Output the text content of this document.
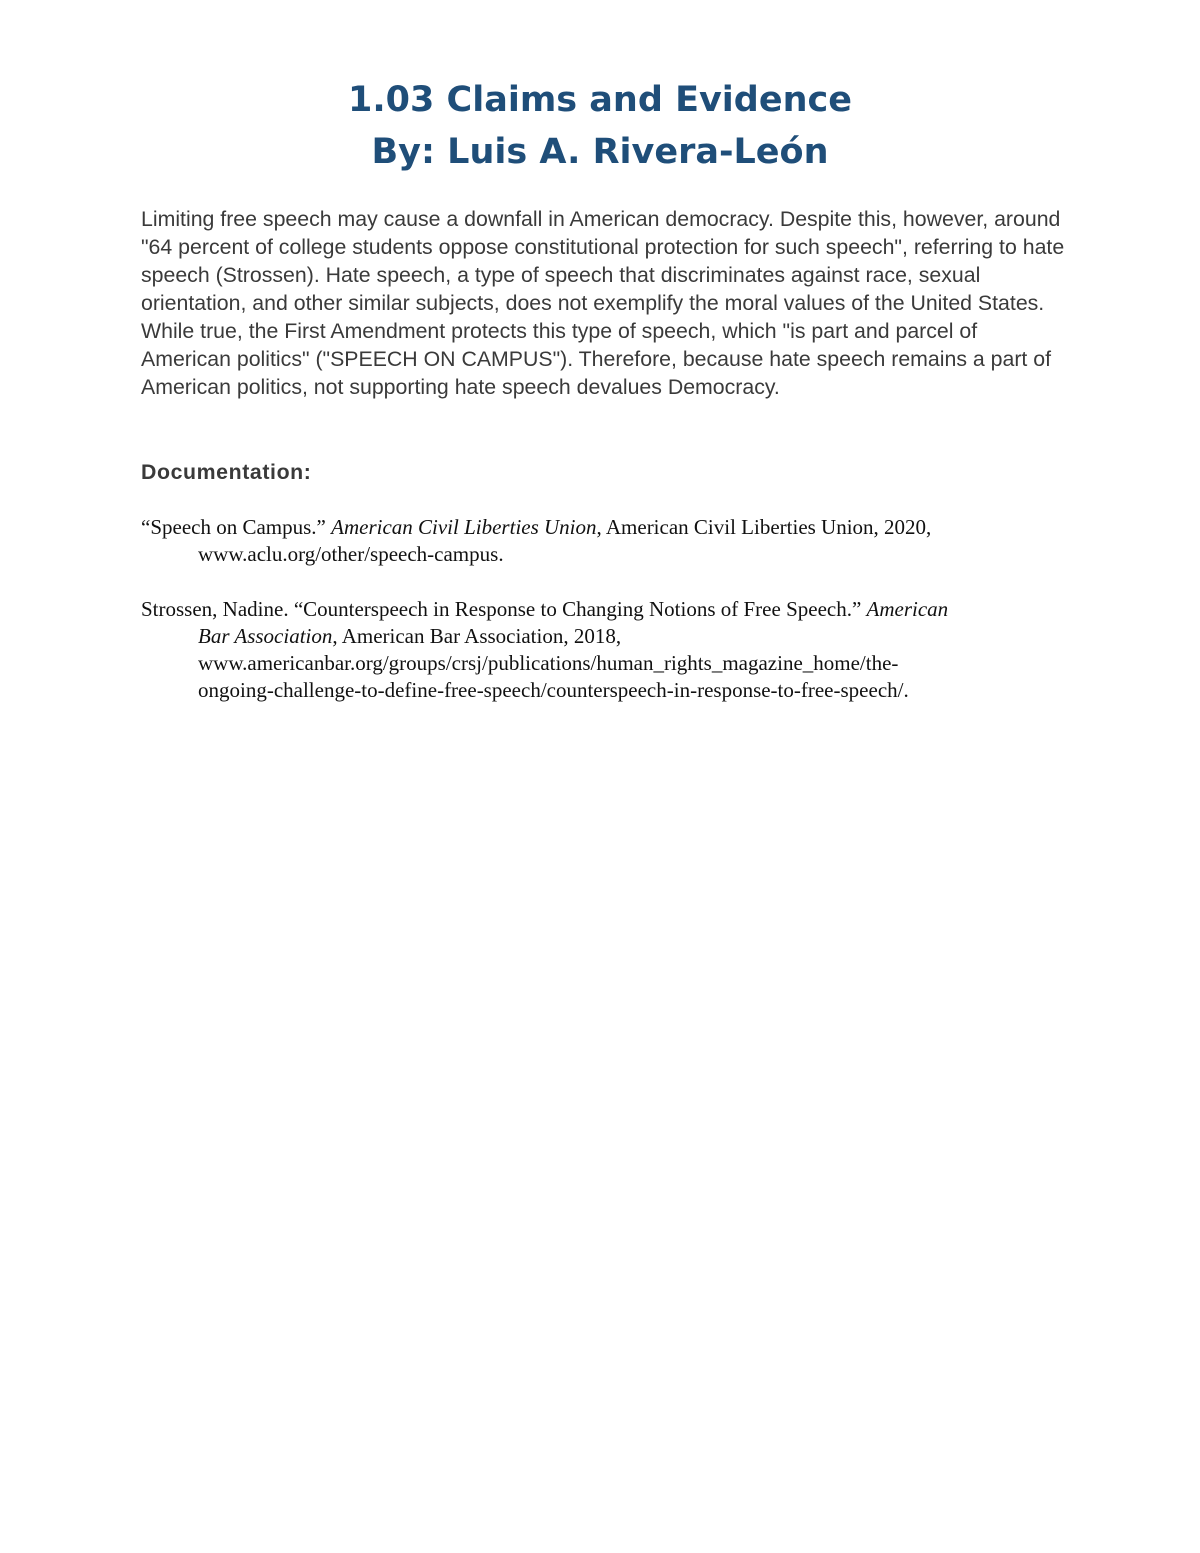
1.03 Claims and Evidence
By: Luis A. Rivera-León

Limiting free speech may cause a downfall in American democracy. Despite this, however, around "64 percent of college students oppose constitutional protection for such speech", referring to hate speech (Strossen). Hate speech, a type of speech that discriminates against race, sexual orientation, and other similar subjects, does not exemplify the moral values of the United States. While true, the First Amendment protects this type of speech, which "is part and parcel of American politics" ("SPEECH ON CAMPUS"). Therefore, because hate speech remains a part of American politics, not supporting hate speech devalues Democracy.

Documentation:

“Speech on Campus.” American Civil Liberties Union, American Civil Liberties Union, 2020,
www.aclu.org/other/speech-campus.

Strossen, Nadine. “Counterspeech in Response to Changing Notions of Free Speech.” American
Bar Association, American Bar Association, 2018,
www.americanbar.org/groups/crsj/publications/human_rights_magazine_home/the-
ongoing-challenge-to-define-free-speech/counterspeech-in-response-to-free-speech/.
